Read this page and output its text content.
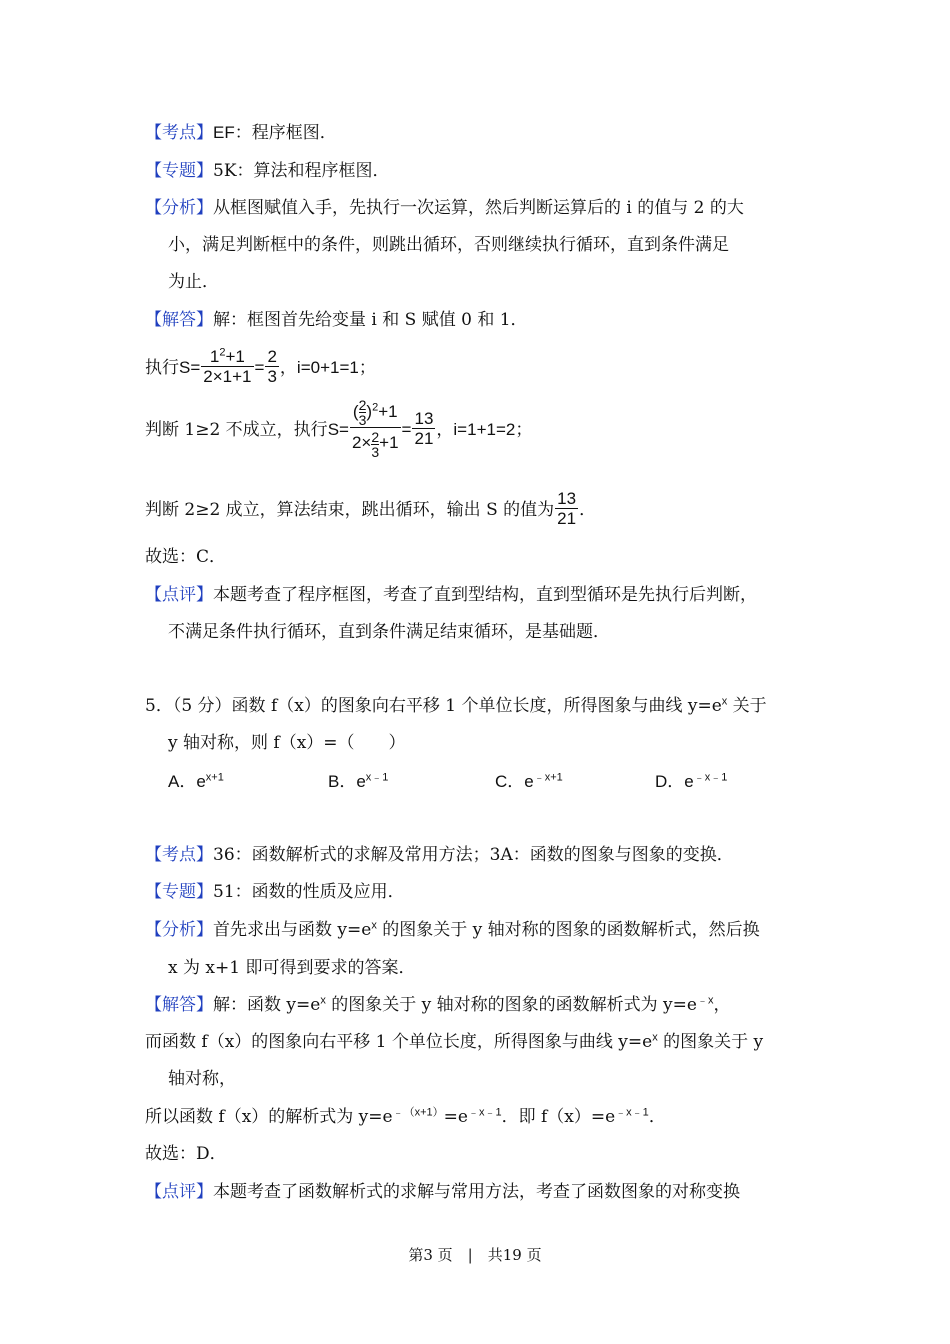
【考点】EF：程序框图．
【专题】5K：算法和程序框图．
【分析】从框图赋值入手，先执行一次运算，然后判断运算后的 i 的值与 2 的大
小，满足判断框中的条件，则跳出循环，否则继续执行循环，直到条件满足
为止．
【解答】解：框图首先给变量 i 和 S 赋值 0 和 1．
执行$S= \frac{1^2+1}{2\times 1+1} = \frac{2}{3}$ ，i=0+1=1；
判断 1≥2 不成立，执行$S= \frac{( \frac{2}{3} )^2+1}{2\times \frac{2}{3} +1} = \frac{13}{21}$ ，i=1+1=2；
判断 2≥2 成立，算法结束，跳出循环，输出 S 的值为 $\frac{13}{21}$ ．
故选：C．
【点评】本题考查了程序框图，考查了直到型结构，直到型循环是先执行后判断，
不满足条件执行循环，直到条件满足结束循环，是基础题．
5．（5 分）函数 f（x）的图象向右平移 1 个单位长度，所得图象与曲线 $y=e^x$ 关于
y 轴对称，则 f（x）=（　　）
A．$e^{x+1}$	B．$e^{x﹣1}$	C．$e^{﹣x+1}$	D．$e^{﹣x﹣1}$
【考点】36：函数解析式的求解及常用方法；3A：函数的图象与图象的变换．
【专题】51：函数的性质及应用．
【分析】首先求出与函数 $y=e^x$ 的图象关于 y 轴对称的图象的函数解析式，然后换
x 为 x+1 即可得到要求的答案．
【解答】解：函数 $y=e^x$ 的图象关于 y 轴对称的图象的函数解析式为 $y=e^{﹣x}$，
而函数 f（x）的图象向右平移 1 个单位长度，所得图象与曲线 $y=e^x$ 的图象关于 y
轴对称，
所以函数 f（x）的解析式为 $y=e^{﹣(x+1)}=e^{﹣x﹣1}$．即 $f(x)=e^{﹣x﹣1}$．
故选：D．
【点评】本题考查了函数解析式的求解与常用方法，考查了函数图象的对称变换
第3 页　|　共19 页
